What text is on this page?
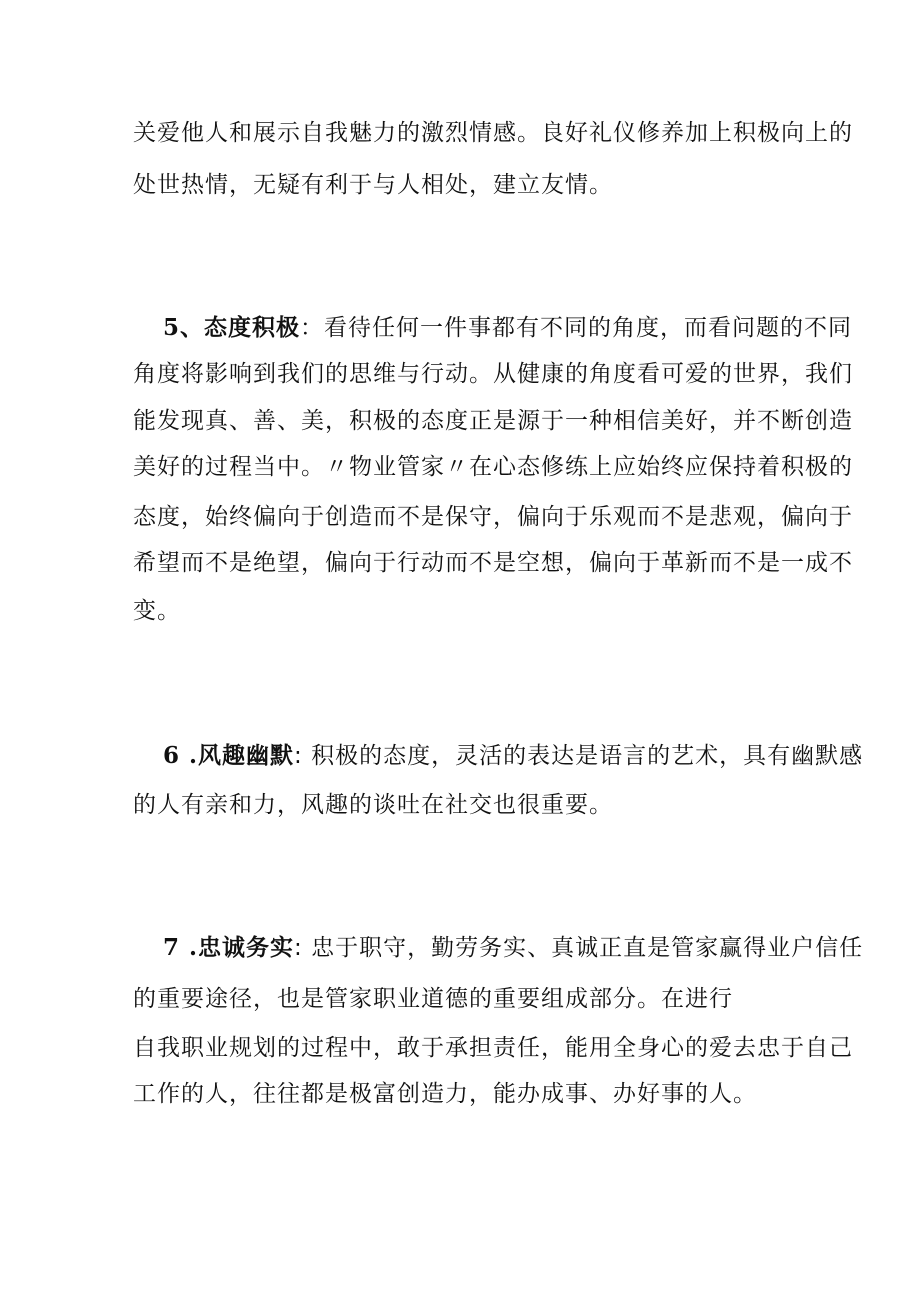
关爱他人和展示自我魅力的激烈情感。良好礼仪修养加上积极向上的
处世热情，无疑有利于与人相处，建立友情。
5、态度积极：看待任何一件事都有不同的角度，而看问题的不同
角度将影响到我们的思维与行动。从健康的角度看可爱的世界，我们
能发现真、善、美，积极的态度正是源于一种相信美好，并不断创造
美好的过程当中。〃物业管家〃在心态修练上应始终应保持着积极的
态度，始终偏向于创造而不是保守，偏向于乐观而不是悲观，偏向于
希望而不是绝望，偏向于行动而不是空想，偏向于革新而不是一成不
变。
6 .风趣幽默: 积极的态度，灵活的表达是语言的艺术，具有幽默感
的人有亲和力，风趣的谈吐在社交也很重要。
7 .忠诚务实: 忠于职守，勤劳务实、真诚正直是管家赢得业户信任
的重要途径，也是管家职业道德的重要组成部分。在进行
自我职业规划的过程中，敢于承担责任，能用全身心的爱去忠于自己
工作的人，往往都是极富创造力，能办成事、办好事的人。
